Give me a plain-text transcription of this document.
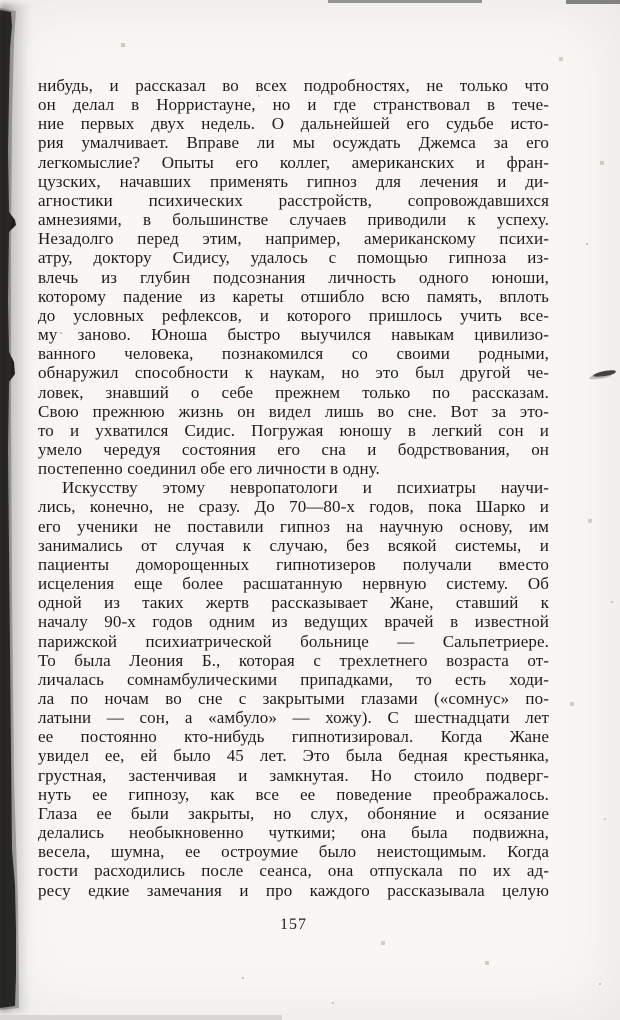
нибудь, и рассказал во всех подробностях, не только что
он делал в Норристауне, но и где странствовал в тече-
ние первых двух недель. О дальнейшей его судьбе исто-
рия умалчивает. Вправе ли мы осуждать Джемса за его
легкомыслие? Опыты его коллег, американских и фран-
цузских, начавших применять гипноз для лечения и ди-
агностики психических расстройств, сопровождавшихся
амнезиями, в большинстве случаев приводили к успеху.
Незадолго перед этим, например, американскому психи-
атру, доктору Сидису, удалось с помощью гипноза из-
влечь из глубин подсознания личность одного юноши,
которому падение из кареты отшибло всю память, вплоть
до условных рефлексов, и которого пришлось учить все-
му заново. Юноша быстро выучился навыкам цивилизо-
ванного человека, познакомился со своими родными,
обнаружил способности к наукам, но это был другой че-
ловек, знавший о себе прежнем только по рассказам.
Свою прежнюю жизнь он видел лишь во сне. Вот за это-
то и ухватился Сидис. Погружая юношу в легкий сон и
умело чередуя состояния его сна и бодрствования, он
постепенно соединил обе его личности в одну.
Искусству этому невропатологи и психиатры научи-
лись, конечно, не сразу. До 70—80-х годов, пока Шарко и
его ученики не поставили гипноз на научную основу, им
занимались от случая к случаю, без всякой системы, и
пациенты доморощенных гипнотизеров получали вместо
исцеления еще более расшатанную нервную систему. Об
одной из таких жертв рассказывает Жане, ставший к
началу 90-х годов одним из ведущих врачей в известной
парижской психиатрической больнице — Сальпетриере.
То была Леония Б., которая с трехлетнего возраста от-
личалась сомнамбулическими припадками, то есть ходи-
ла по ночам во сне с закрытыми глазами («сомнус» по-
латыни — сон, а «амбуло» — хожу). С шестнадцати лет
ее постоянно кто-нибудь гипнотизировал. Когда Жане
увидел ее, ей было 45 лет. Это была бедная крестьянка,
грустная, застенчивая и замкнутая. Но стоило подверг-
нуть ее гипнозу, как все ее поведение преображалось.
Глаза ее были закрыты, но слух, обоняние и осязание
делались необыкновенно чуткими; она была подвижна,
весела, шумна, ее остроумие было неистощимым. Когда
гости расходились после сеанса, она отпускала по их ад-
ресу едкие замечания и про каждого рассказывала целую
157
